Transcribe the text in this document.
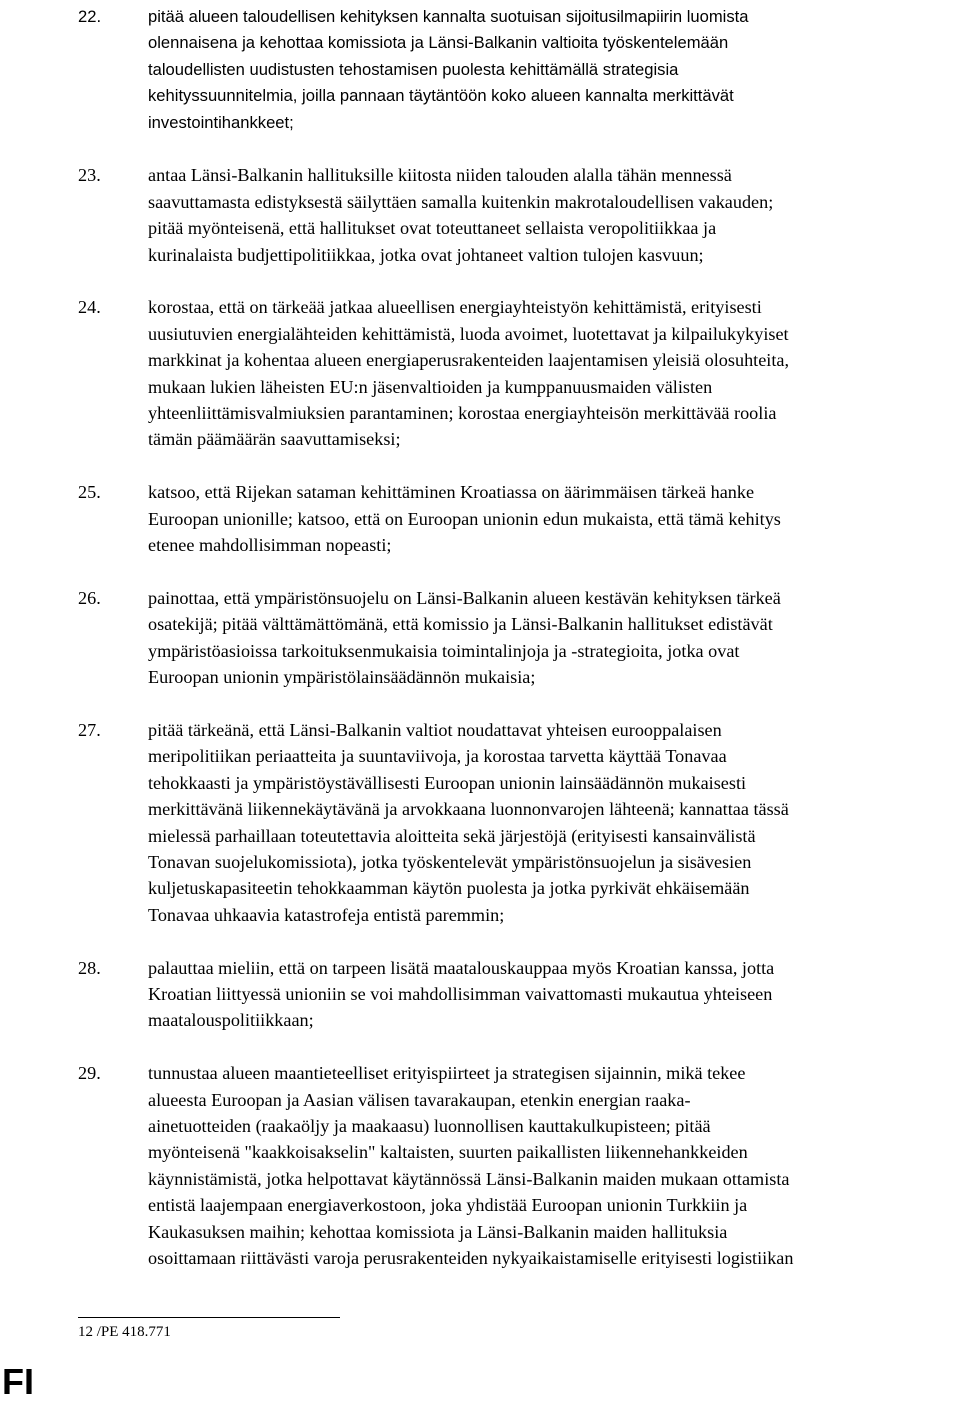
22.	pitää alueen taloudellisen kehityksen kannalta suotuisan sijoitusilmapiirin luomista
olennaisena ja kehottaa komissiota ja Länsi-Balkanin valtioita työskentelemään
taloudellisten uudistusten tehostamisen puolesta kehittämällä strategisia
kehityssuunnitelmia, joilla pannaan täytäntöön koko alueen kannalta merkittävät
investointihankkeet;

23.	antaa Länsi-Balkanin hallituksille kiitosta niiden talouden alalla tähän mennessä
saavuttamasta edistyksestä säilyttäen samalla kuitenkin makrotaloudellisen vakauden;
pitää myönteisenä, että hallitukset ovat toteuttaneet sellaista veropolitiikkaa ja
kurinalaista budjettipolitiikkaa, jotka ovat johtaneet valtion tulojen kasvuun;

24.	korostaa, että on tärkeää jatkaa alueellisen energiayhteistyön kehittämistä, erityisesti
uusiutuvien energialähteiden kehittämistä, luoda avoimet, luotettavat ja kilpailukykyiset
markkinat ja kohentaa alueen energiaperusrakenteiden laajentamisen yleisiä olosuhteita,
mukaan lukien läheisten EU:n jäsenvaltioiden ja kumppanuusmaiden välisten
yhteenliittämisvalmiuksien parantaminen; korostaa energiayhteisön merkittävää roolia
tämän päämäärän saavuttamiseksi;

25.	katsoo, että Rijekan sataman kehittäminen Kroatiassa on äärimmäisen tärkeä hanke
Euroopan unionille; katsoo, että on Euroopan unionin edun mukaista, että tämä kehitys
etenee mahdollisimman nopeasti;

26.	painottaa, että ympäristönsuojelu on Länsi-Balkanin alueen kestävän kehityksen tärkeä
osatekijä; pitää välttämättömänä, että komissio ja Länsi-Balkanin hallitukset edistävät
ympäristöasioissa tarkoituksenmukaisia toimintalinjoja ja -strategioita, jotka ovat
Euroopan unionin ympäristölainsäädännön mukaisia;

27.	pitää tärkeänä, että Länsi-Balkanin valtiot noudattavat yhteisen eurooppalaisen
meripolitiikan periaatteita ja suuntaviivoja, ja korostaa tarvetta käyttää Tonavaa
tehokkaasti ja ympäristöystävällisesti Euroopan unionin lainsäädännön mukaisesti
merkittävänä liikennekäytävänä ja arvokkaana luonnonvarojen lähteenä; kannattaa tässä
mielessä parhaillaan toteutettavia aloitteita sekä järjestöjä (erityisesti kansainvälistä
Tonavan suojelukomissiota), jotka työskentelevät ympäristönsuojelun ja sisävesien
kuljetuskapasiteetin tehokkaamman käytön puolesta ja jotka pyrkivät ehkäisemään
Tonavaa uhkaavia katastrofeja entistä paremmin;

28.	palauttaa mieliin, että on tarpeen lisätä maatalouskauppaa myös Kroatian kanssa, jotta
Kroatian liittyessä unioniin se voi mahdollisimman vaivattomasti mukautua yhteiseen
maatalouspolitiikkaan;

29.	tunnustaa alueen maantieteelliset erityispiirteet ja strategisen sijainnin, mikä tekee
alueesta Euroopan ja Aasian välisen tavarakaupan, etenkin energian raaka-
ainetuotteiden (raakaöljy ja maakaasu) luonnollisen kauttakulkupisteen; pitää
myönteisenä "kaakkoisakselin" kaltaisten, suurten paikallisten liikennehankkeiden
käynnistämistä, jotka helpottavat käytännössä Länsi-Balkanin maiden mukaan ottamista
entistä laajempaan energiaverkostoon, joka yhdistää Euroopan unionin Turkkiin ja
Kaukasuksen maihin; kehottaa komissiota ja Länsi-Balkanin maiden hallituksia
osoittamaan riittävästi varoja perusrakenteiden nykyaikaistamiselle erityisesti logistiikan

12 /PE 418.771
FI
